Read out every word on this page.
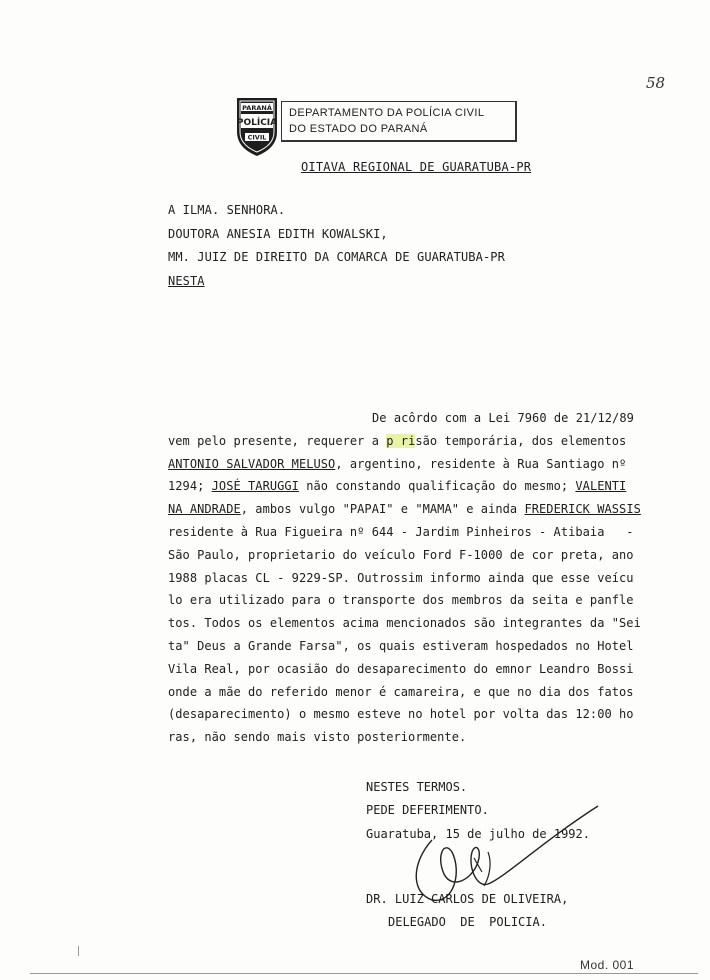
58
PARANÁ
POLÍCIA
CIVIL
DEPARTAMENTO DA POLÍCIA CIVIL
DO ESTADO DO PARANÁ
OITAVA REGIONAL DE GUARATUBA-PR
A ILMA. SENHORA.
DOUTORA ANESIA EDITH KOWALSKI,
MM. JUIZ DE DIREITO DA COMARCA DE GUARATUBA-PR
NESTA
De acôrdo com a Lei 7960 de 21/12/89
vem pelo presente, requerer a p risão temporária, dos elementos
ANTONIO SALVADOR MELUSO, argentino, residente à Rua Santiago nº
1294; JOSÉ TARUGGI não constando qualificação do mesmo; VALENTI
NA ANDRADE, ambos vulgo "PAPAI" e "MAMA" e ainda FREDERICK WASSIS
residente à Rua Figueira nº 644 - Jardim Pinheiros - Atibaia   -
São Paulo, proprietario do veículo Ford F-1000 de cor preta, ano
1988 placas CL - 9229-SP. Outrossim informo ainda que esse veícu
lo era utilizado para o transporte dos membros da seita e panfle
tos. Todos os elementos acima mencionados são integrantes da "Sei
ta" Deus a Grande Farsa", os quais estiveram hospedados no Hotel
Vila Real, por ocasião do desaparecimento do emnor Leandro Bossi
onde a mãe do referido menor é camareira, e que no dia dos fatos
(desaparecimento) o mesmo esteve no hotel por volta das 12:00 ho
ras, não sendo mais visto posteriormente.
NESTES TERMOS.
PEDE DEFERIMENTO.
Guaratuba, 15 de julho de 1992.
DR. LUIZ CARLOS DE OLIVEIRA,
DELEGADO  DE  POLICIA.
Mod. 001
